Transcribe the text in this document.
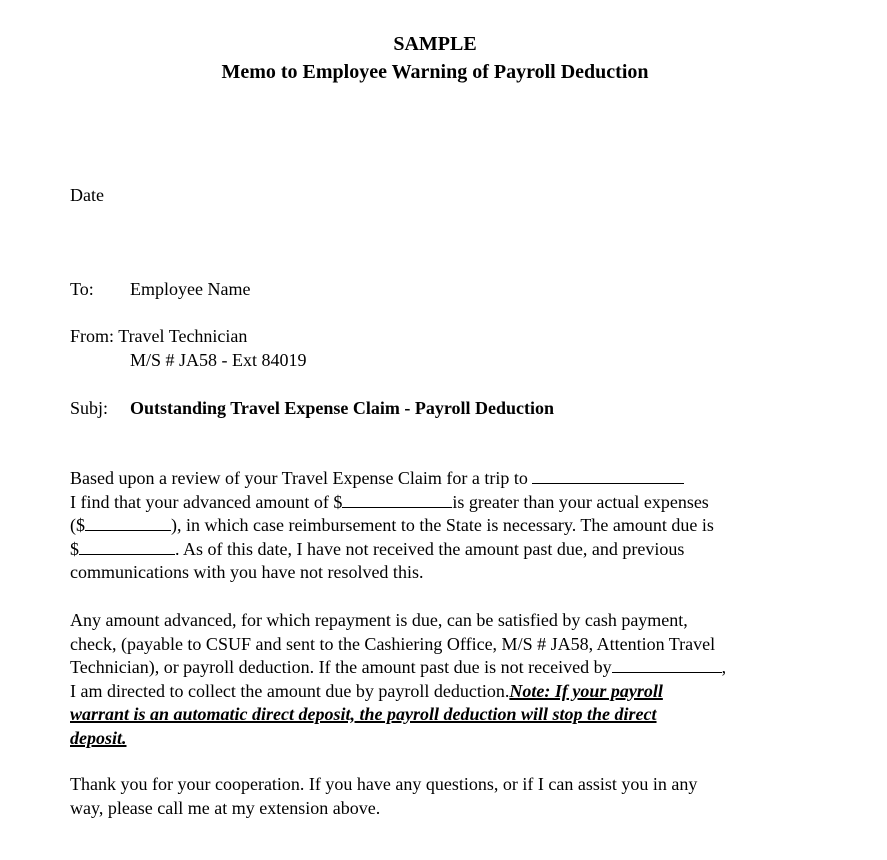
SAMPLE
Memo to Employee Warning of Payroll Deduction
Date
To: Employee Name
From: Travel Technician
M/S # JA58 - Ext 84019
Subj: Outstanding Travel Expense Claim - Payroll Deduction
Based upon a review of your Travel Expense Claim for a trip to
I find that your advanced amount of $	is greater than your actual expenses
($	), in which case reimbursement to the State is necessary. The amount due is
$	. As of this date, I have not received the amount past due, and previous
communications with you have not resolved this.
Any amount advanced, for which repayment is due, can be satisfied by cash payment,
check, (payable to CSUF and sent to the Cashiering Office, M/S # JA58, Attention Travel
Technician), or payroll deduction. If the amount past due is not received by	,
I am directed to collect the amount due by payroll deduction.Note: If your payroll
warrant is an automatic direct deposit, the payroll deduction will stop the direct
deposit.
Thank you for your cooperation. If you have any questions, or if I can assist you in any
way, please call me at my extension above.
